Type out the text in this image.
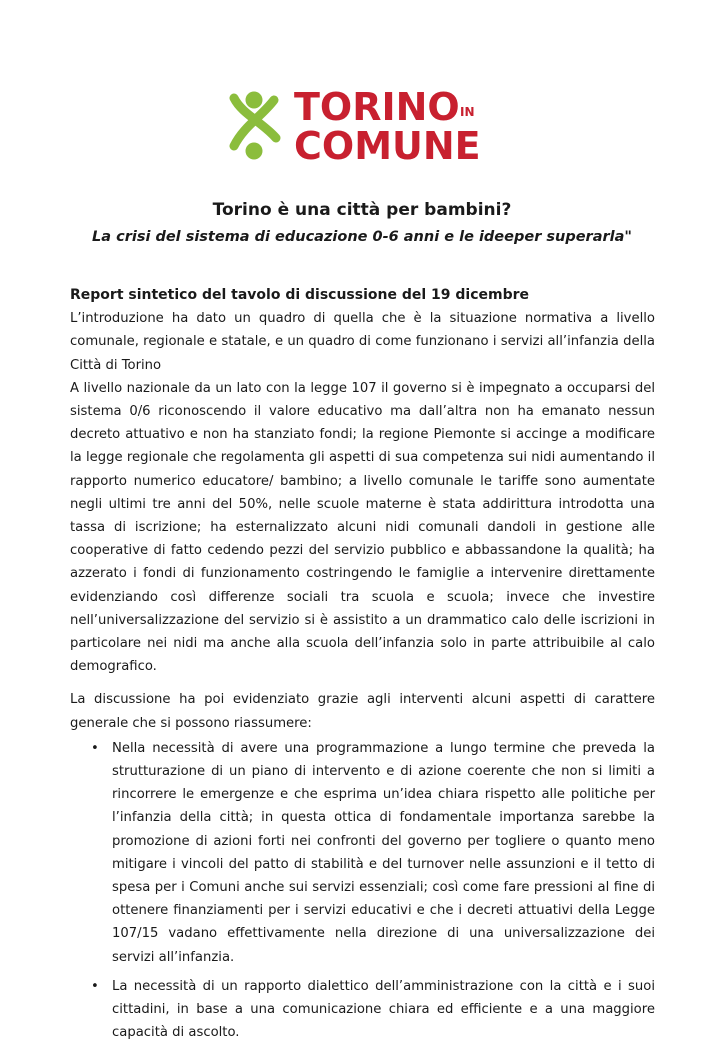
TORINO IN
COMUNE
Torino è una città per bambini?
La crisi del sistema di educazione 0-6 anni e le ideeper superarla"

Report sintetico del tavolo di discussione del 19 dicembre

L’introduzione ha dato un quadro di quella che è la situazione normativa a livello comunale, regionale e statale, e un quadro di come funzionano i servizi all’infanzia della Città di Torino

A livello nazionale da un lato con la legge 107 il governo si è impegnato a occuparsi del sistema 0/6 riconoscendo il valore educativo ma dall’altra non ha emanato nessun decreto attuativo e non ha stanziato fondi; la regione Piemonte si accinge a modificare la legge regionale che regolamenta gli aspetti di sua competenza sui nidi aumentando il rapporto numerico educatore/ bambino; a livello comunale le tariffe sono aumentate negli ultimi tre anni del 50%, nelle scuole materne è stata addirittura introdotta una tassa di iscrizione; ha esternalizzato alcuni nidi comunali dandoli in gestione alle cooperative di fatto cedendo pezzi del servizio pubblico e abbassandone la qualità; ha azzerato i fondi di funzionamento costringendo le famiglie a intervenire direttamente evidenziando così differenze sociali tra scuola e scuola; invece che investire nell’universalizzazione del servizio si è assistito a un drammatico calo delle iscrizioni in particolare nei nidi ma anche alla scuola dell’infanzia solo in parte attribuibile al calo demografico.

La discussione ha poi evidenziato grazie agli interventi alcuni aspetti di carattere generale che si possono riassumere:

• Nella necessità di avere una programmazione a lungo termine che preveda la strutturazione di un piano di intervento e di azione coerente che non si limiti a rincorrere le emergenze e che esprima un’idea chiara rispetto alle politiche per l’infanzia della città; in questa ottica di fondamentale importanza sarebbe la promozione di azioni forti nei confronti del governo per togliere o quanto meno mitigare i vincoli del patto di stabilità e del turnover nelle assunzioni e il tetto di spesa per i Comuni anche sui servizi essenziali; così come fare pressioni al fine di ottenere finanziamenti per i servizi educativi e che i decreti attuativi della Legge 107/15 vadano effettivamente nella direzione di una universalizzazione dei servizi all’infanzia.
• La necessità di un rapporto dialettico dell’amministrazione con la città e i suoi cittadini, in base a una comunicazione chiara ed efficiente e a una maggiore capacità di ascolto.
